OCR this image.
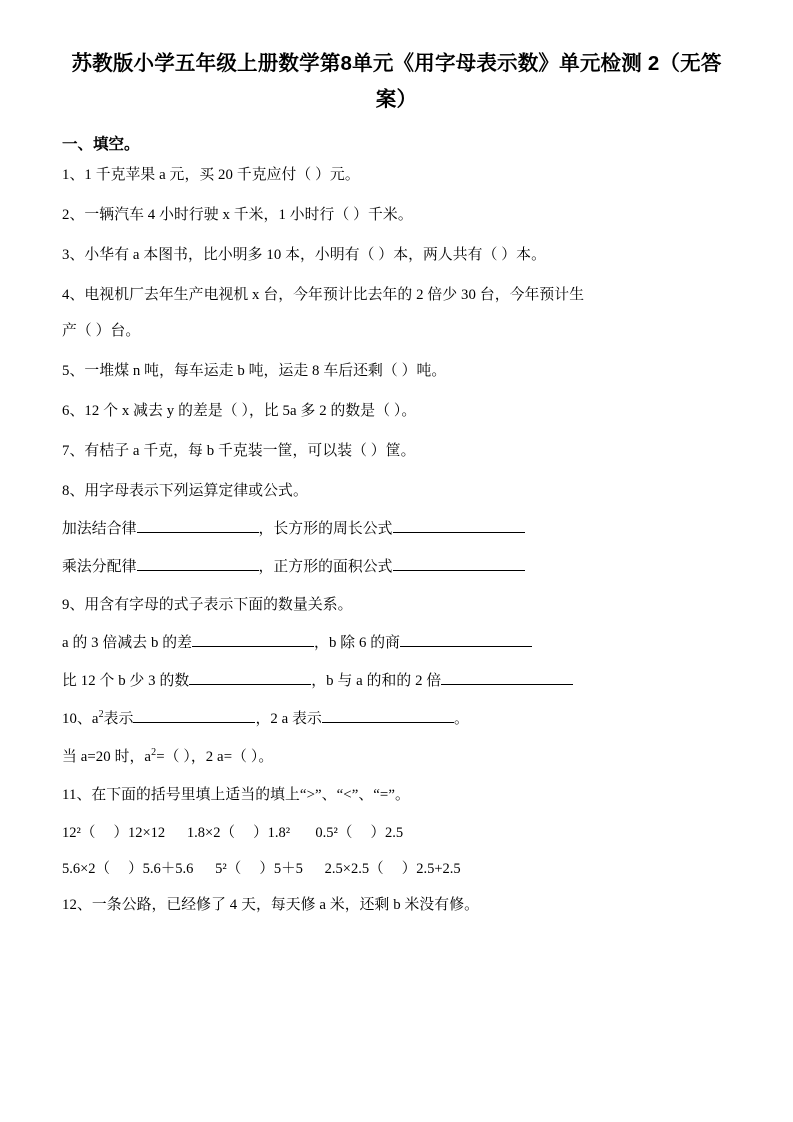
苏教版小学五年级上册数学第8单元《用字母表示数》单元检测 2（无答案）
一、填空。

1、1 千克苹果 a 元，买 20 千克应付（ ）元。

2、一辆汽车 4 小时行驶 x 千米，1 小时行（ ）千米。

3、小华有 a 本图书，比小明多 10 本，小明有（ ）本，两人共有（ ）本。

4、电视机厂去年生产电视机 x 台，今年预计比去年的 2 倍少 30 台，今年预计生

产（ ）台。

5、一堆煤 n 吨，每车运走 b 吨，运走 8 车后还剩（ ）吨。

6、12 个 x 减去 y 的差是（ ），比 5a 多 2 的数是（ ）。

7、有桔子 a 千克，每 b 千克装一筐，可以装（ ）筐。

8、用字母表示下列运算定律或公式。

加法结合律	，长方形的周长公式

乘法分配律	，正方形的面积公式

9、用含有字母的式子表示下面的数量关系。

a 的 3 倍减去 b 的差	，b 除 6 的商

比 12 个 b 少 3 的数	，b 与 a 的和的 2 倍

10、$a^2$表示	，2 a 表示	。

当 a=20 时，$a^2=$（ ），2 a=（ ）。

11、在下面的括号里填上适当的填上“>”、“<”、“=”。

12²（     ）12×12      1.8×2（     ）1.8²       0.5²（     ）2.5

5.6×2（     ）5.6＋5.6      5²（     ）5＋5      2.5×2.5（     ）2.5+2.5

12、一条公路，已经修了 4 天，每天修 a 米，还剩 b 米没有修。
